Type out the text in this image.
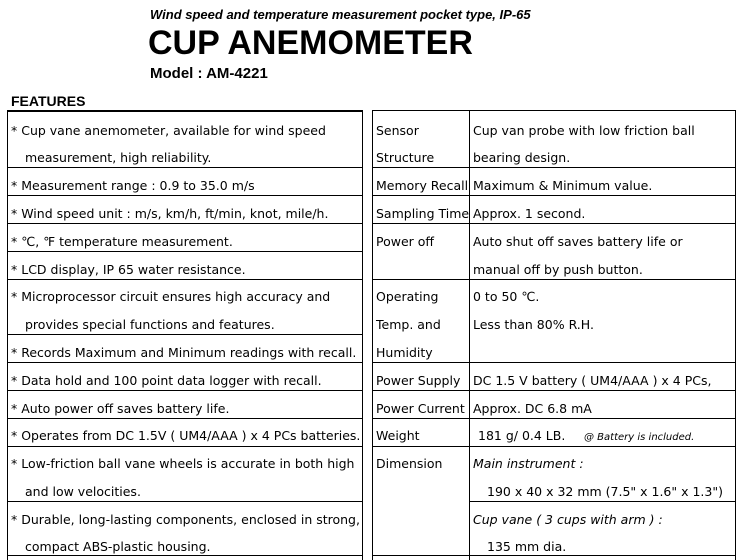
Wind speed and temperature measurement pocket type, IP-65
CUP ANEMOMETER
Model : AM-4221
FEATURES
* Cup vane anemometer, available for wind speed
measurement, high reliability.
* Measurement range : 0.9 to 35.0 m/s
* Wind speed unit : m/s, km/h, ft/min, knot, mile/h.
* ℃, ℉ temperature measurement.
* LCD display, IP 65 water resistance.
* Microprocessor circuit ensures high accuracy and
provides special functions and features.
* Records Maximum and Minimum readings with recall.
* Data hold and 100 point data logger with recall.
* Auto power off saves battery life.
* Operates from DC 1.5V ( UM4/AAA ) x 4 PCs batteries.
* Low-friction ball vane wheels is accurate in both high
and low velocities.
* Durable, long-lasting components, enclosed in strong,
compact ABS-plastic housing.
Sensor
Structure
Memory Recall
Sampling Time
Power off
Operating
Temp. and
Humidity
Power Supply
Power Current
Weight
Dimension
Cup van probe with low friction ball
bearing design.
Maximum & Minimum value.
Approx. 1 second.
Auto shut off saves battery life or
manual off by push button.
0 to 50 ℃.
Less than 80% R.H.
DC 1.5 V battery ( UM4/AAA ) x 4 PCs,
Approx. DC 6.8 mA
181 g/ 0.4 LB. @ Battery is included.
Main instrument :
190 x 40 x 32 mm (7.5" x 1.6" x 1.3")
Cup vane ( 3 cups with arm ) :
135 mm dia.
